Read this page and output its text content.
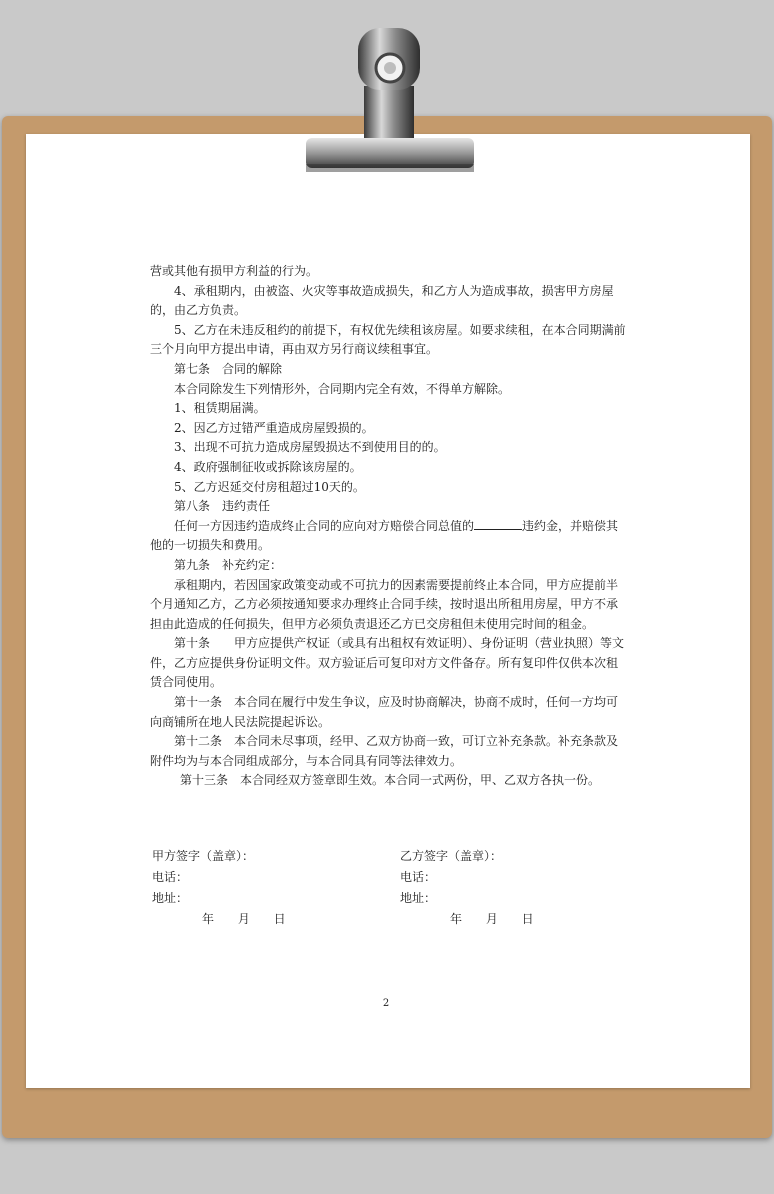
营或其他有损甲方利益的行为。

4、承租期内，由被盗、火灾等事故造成损失，和乙方人为造成事故，损害甲方房屋的，由乙方负责。

5、乙方在未违反租约的前提下，有权优先续租该房屋。如要求续租，在本合同期满前三个月向甲方提出申请，再由双方另行商议续租事宜。

第七条　合同的解除

本合同除发生下列情形外，合同期内完全有效，不得单方解除。

1、租赁期届满。

2、因乙方过错严重造成房屋毁损的。

3、出现不可抗力造成房屋毁损达不到使用目的的。

4、政府强制征收或拆除该房屋的。

5、乙方迟延交付房租超过10天的。

第八条　违约责任

任何一方因违约造成终止合同的应向对方赔偿合同总值的	违约金，并赔偿其他的一切损失和费用。

第九条　补充约定：

承租期内，若因国家政策变动或不可抗力的因素需要提前终止本合同，甲方应提前半个月通知乙方，乙方必须按通知要求办理终止合同手续，按时退出所租用房屋，甲方不承担由此造成的任何损失，但甲方必须负责退还乙方已交房租但未使用完时间的租金。

第十条　　甲方应提供产权证（或具有出租权有效证明）、身份证明（营业执照）等文件，乙方应提供身份证明文件。双方验证后可复印对方文件备存。所有复印件仅供本次租赁合同使用。

第十一条　本合同在履行中发生争议，应及时协商解决，协商不成时，任何一方均可向商铺所在地人民法院提起诉讼。

第十二条　本合同未尽事项，经甲、乙双方协商一致，可订立补充条款。补充条款及附件均为与本合同组成部分，与本合同具有同等法律效力。

第十三条　本合同经双方签章即生效。本合同一式两份，甲、乙双方各执一份。

甲方签字（盖章）：

电话：

地址：

年 月 日

乙方签字（盖章）：

电话：

地址：

年 月 日

2
